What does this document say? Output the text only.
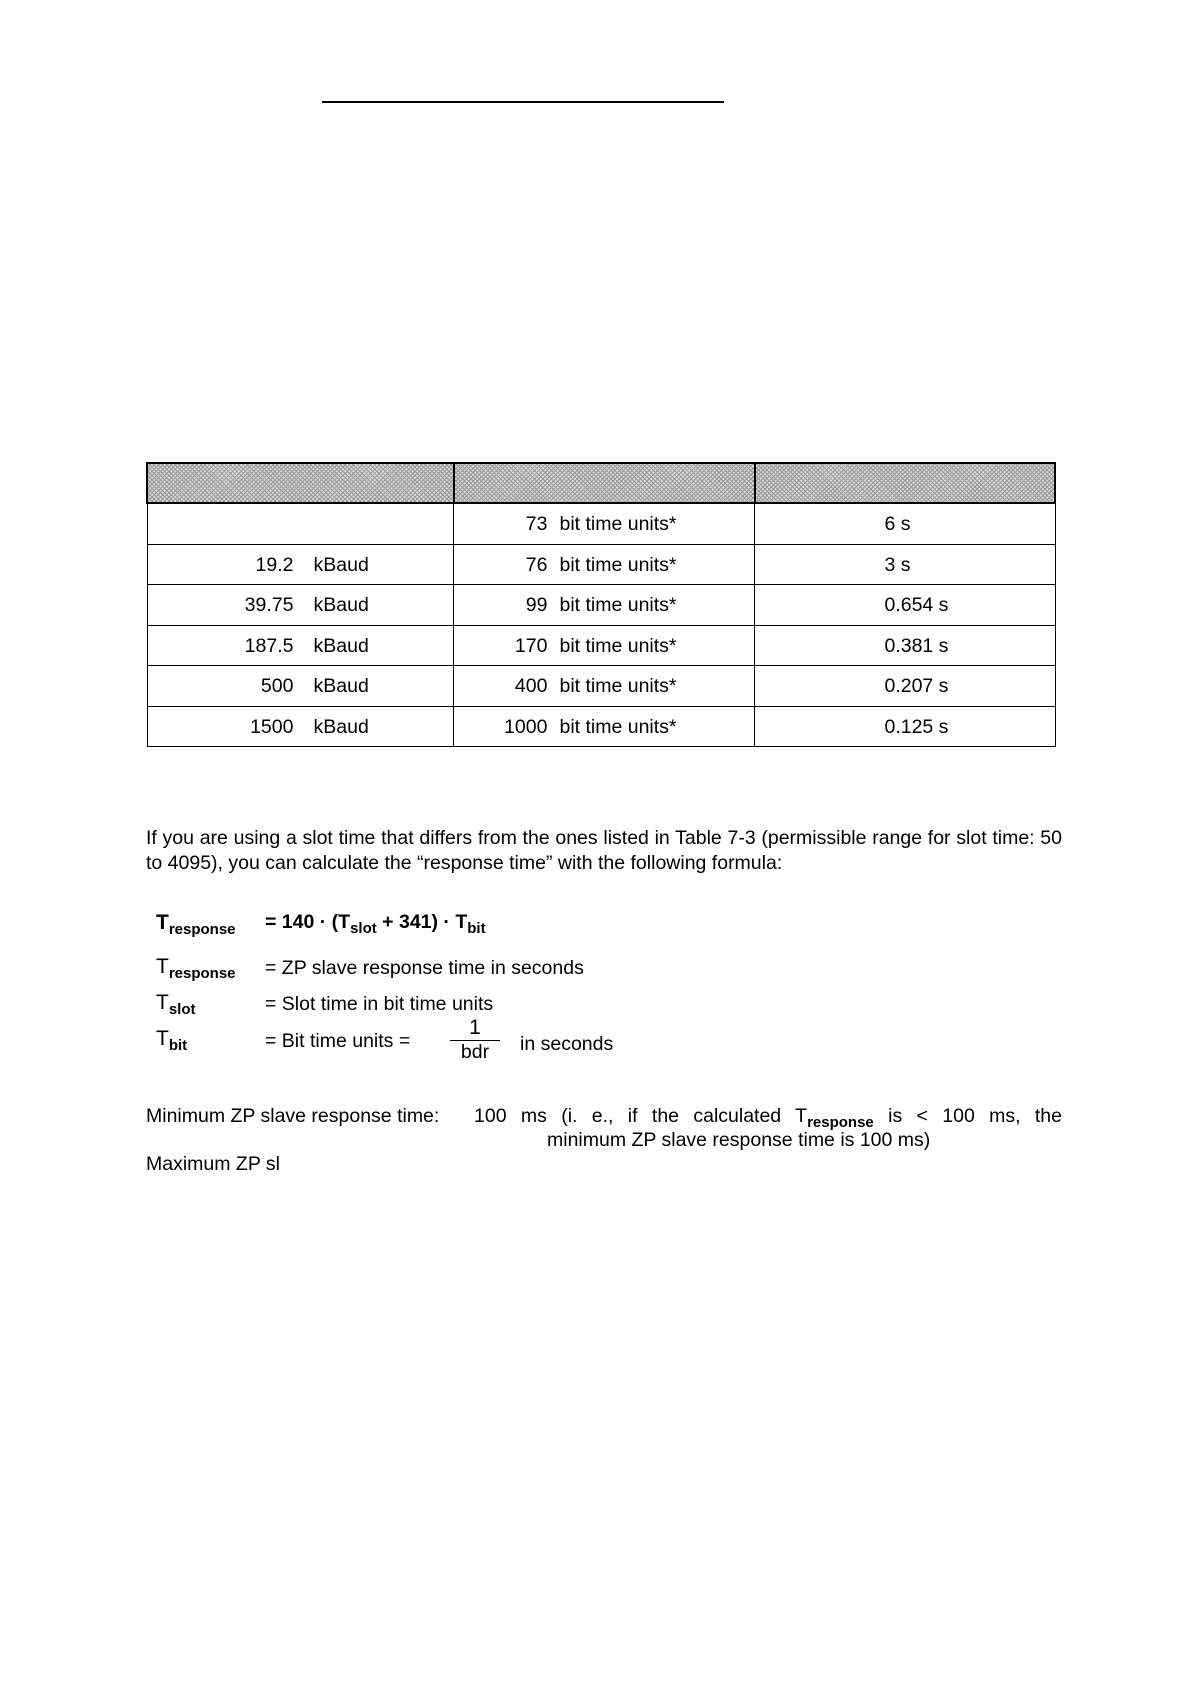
	73 bit time units*	6 s

19.2 kBaud	76 bit time units*	3 s

39.75 kBaud	99 bit time units*	0.654 s

187.5 kBaud	170 bit time units*	0.381 s

500 kBaud	400 bit time units*	0.207 s

1500 kBaud	1000 bit time units*	0.125 s

If you are using a slot time that differs from the ones listed in Table 7-3 (permissible range for slot time: 50 to 4095), you can calculate the “response time” with the following formula:

$T_{response} = 140 \cdot (T_{slot} + 341) \cdot T_{bit}$
$T_{response}$ = ZP slave response time in seconds
$T_{slot}$	= Slot time in bit time units
$T_{bit}$	= Bit time units =
1
bdr	in seconds
Minimum ZP slave response time: 100 ms (i. e., if the calculated $T_{response}$ is < 100 ms, the
minimum ZP slave response time is 100 ms)
Maximum ZP sl
